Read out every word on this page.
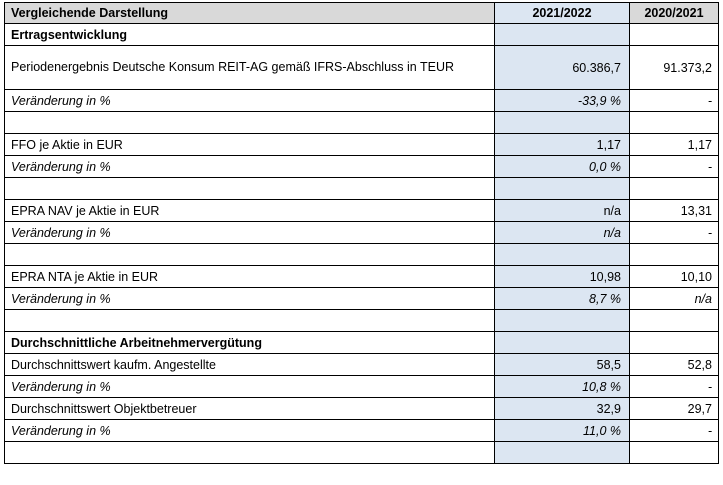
Vergleichende Darstellung	2021/2022	2020/2021
Ertragsentwicklung		
Periodenergebnis Deutsche Konsum REIT-AG gemäß IFRS-Abschluss in TEUR	60.386,7	91.373,2
Veränderung in %	-33,9 %	-

FFO je Aktie in EUR	1,17	1,17
Veränderung in %	0,0 %	-

EPRA NAV je Aktie in EUR	n/a	13,31
Veränderung in %	n/a	-

EPRA NTA je Aktie in EUR	10,98	10,10
Veränderung in %	8,7 %	n/a

Durchschnittliche Arbeitnehmervergütung		
Durchschnittswert kaufm. Angestellte	58,5	52,8
Veränderung in %	10,8 %	-
Durchschnittswert Objektbetreuer	32,9	29,7
Veränderung in %	11,0 %	-
